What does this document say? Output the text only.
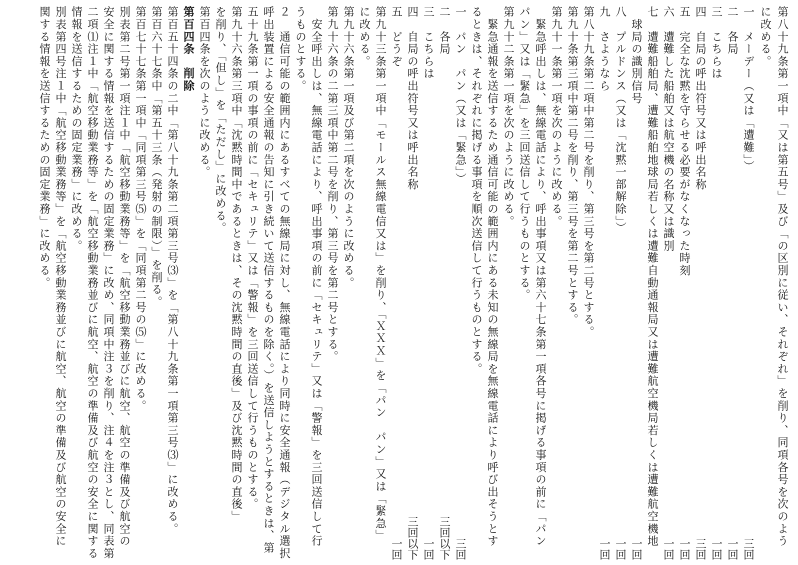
第八十九条第一項中「又は第五号」及び「の区別に従い、それぞれ」を削り、同項各号を次のよう
に改める。
一　メーデー（又は「遭難」）
三回
二　各局
一回
三　こちらは
一回
四　自局の呼出符号又は呼出名称
三回
五　完全な沈黙を守らせる必要がなくなった時刻
一回
六　遭難した船舶又は航空機の名称又は識別
一回
七　遭難船舶局、遭難船舶地球局若しくは遭難自動通報局又は遭難航空機局若しくは遭難航空機地
　球局の識別信号
一回
八　プルドンス（又は「沈黙一部解除」）
一回
九　さようなら
一回
第八十九条第二項中第二号を削り、第三号を第二号とする。
第九十条第三項中第二号を削り、第三号を第二号とする。
第九十一条第一項を次のように改める。
　緊急呼出しは、無線電話により、呼出事項又は第六十七条第一項各号に掲げる事項の前に「パン
パン」又は「緊急」を三回送信して行うものとする。
第九十二条第一項を次のように改める。
　緊急通報を送信するため通信可能の範囲内にある未知の無線局を無線電話により呼び出そうとす
るときは、それぞれに掲げる事項を順次送信して行うものとする。
一　パン　パン（又は「緊急」）
三回
二　各局
三回以下
三　こちらは
一回
四　自局の呼出符号又は呼出名称
三回以下
五　どうぞ
一回
第九十三条第一項中「モールス無線電信又は」を削り、「ＸＸＸ」を「パン　パン」又は「緊急」
に改める。
第九十六条第一項及び第二項を次のように改める。
第九十六条の二第三項中第二号を削り、第三号を第二号とする。
　安全呼出しは、無線電話により、呼出事項の前に「セキュリテ」又は「警報」を三回送信して行
うものとする。
２　通信可能の範囲内にあるすべての無線局に対し、無線電話により同時に安全通報（デジタル選択
呼出装置による安全通報の告知に引き続いて送信するものを除く。）を送信しようとするときは、第
五十九条第一項の事項の前に「セキュリテ」又は「警報」を三回送信して行うものとする。
第九十六条第三項中「沈黙時間中であるときは、その沈黙時間の直後」及び沈黙時間の直後」
を削り、「但し」を「ただし」に改める。
第百四条を次のように改める。
第百四条　削除
第百五十四条の二中「第八十九条第二項第三号⑶」を「第八十九条第一項第三号⑶」に改める。
第百六十七条中「第五十三条（発射の制限）」を削る。
第百七十七条第一項中「同項第三号⑸」を「同項第二号の⑸」に改める。
別表第二号第一項注１中「航空移動業務等」を「航空移動業務並びに航空、航空の準備及び航空の
安全に関する情報を送信するための固定業務」に改め、同項中注３を削り、注４を注３とし、同表第
二項⑴注１中「航空移動業務等」を「航空移動業務並びに航空、航空の準備及び航空の安全に関する
情報を送信するための固定業務」に改める。
別表第四号注１中「航空移動業務等」を「航空移動業務並びに航空、航空の準備及び航空の安全に
関する情報を送信するための固定業務」に改める。
